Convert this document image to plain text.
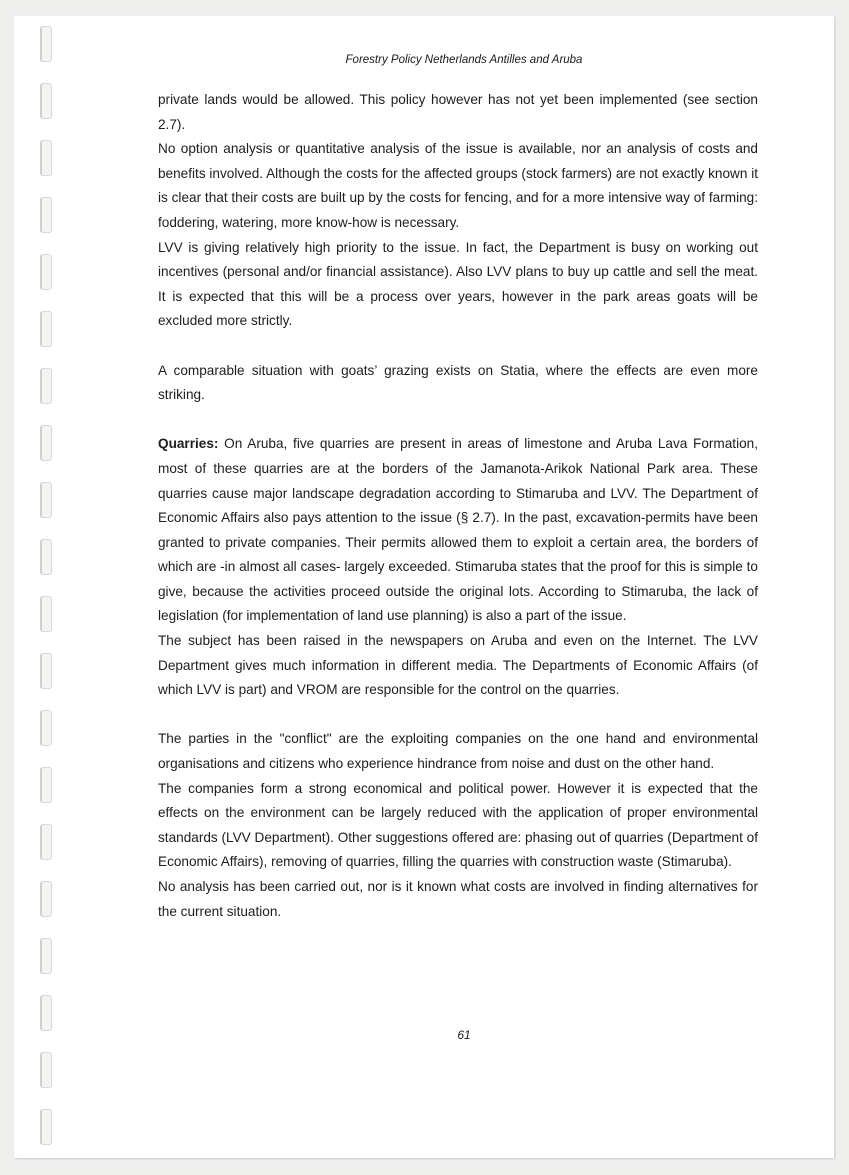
Forestry Policy Netherlands Antilles and Aruba

private lands would be allowed. This policy however has not yet been implemented (see section 2.7).

No option analysis or quantitative analysis of the issue is available, nor an analysis of costs and benefits involved. Although the costs for the affected groups (stock farmers) are not exactly known it is clear that their costs are built up by the costs for fencing, and for a more intensive way of farming: foddering, watering, more know-how is necessary.

LVV is giving relatively high priority to the issue. In fact, the Department is busy on working out incentives (personal and/or financial assistance). Also LVV plans to buy up cattle and sell the meat. It is expected that this will be a process over years, however in the park areas goats will be excluded more strictly.

A comparable situation with goats’ grazing exists on Statia, where the effects are even more striking.

Quarries: On Aruba, five quarries are present in areas of limestone and Aruba Lava Formation, most of these quarries are at the borders of the Jamanota-Arikok National Park area. These quarries cause major landscape degradation according to Stimaruba and LVV. The Department of Economic Affairs also pays attention to the issue (§ 2.7). In the past, excavation-permits have been granted to private companies. Their permits allowed them to exploit a certain area, the borders of which are -in almost all cases- largely exceeded. Stimaruba states that the proof for this is simple to give, because the activities proceed outside the original lots. According to Stimaruba, the lack of legislation (for implementation of land use planning) is also a part of the issue.

The subject has been raised in the newspapers on Aruba and even on the Internet. The LVV Department gives much information in different media. The Departments of Economic Affairs (of which LVV is part) and VROM are responsible for the control on the quarries.

The parties in the "conflict" are the exploiting companies on the one hand and environmental organisations and citizens who experience hindrance from noise and dust on the other hand.

The companies form a strong economical and political power. However it is expected that the effects on the environment can be largely reduced with the application of proper environmental standards (LVV Department). Other suggestions offered are: phasing out of quarries (Department of Economic Affairs), removing of quarries, filling the quarries with construction waste (Stimaruba).

No analysis has been carried out, nor is it known what costs are involved in finding alternatives for the current situation.

61
